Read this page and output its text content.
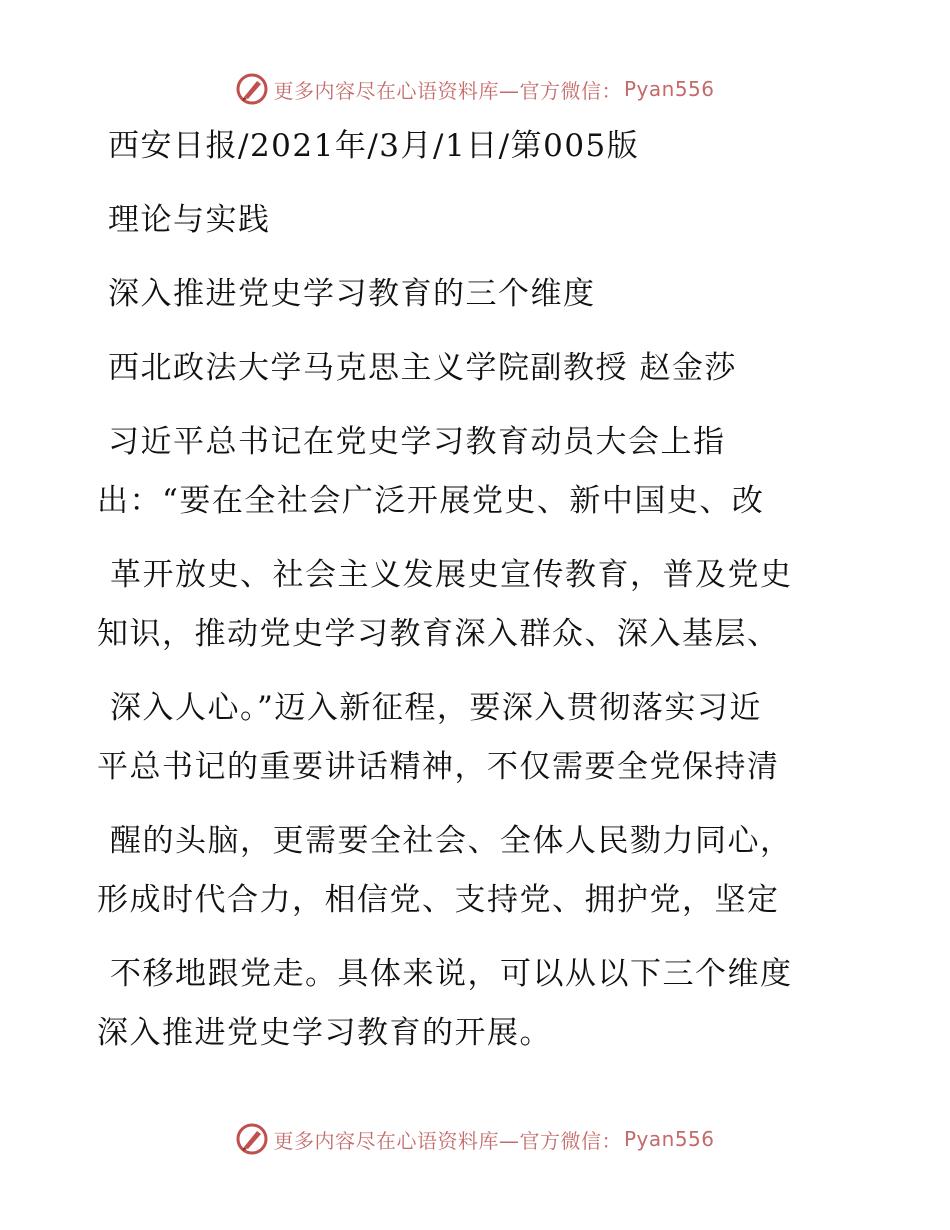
更多内容尽在心语资料库—官方微信： Pyan556
西安日报/2021年/3月/1日/第005版
理论与实践
深入推进党史学习教育的三个维度
西北政法大学马克思主义学院副教授 赵金莎
习近平总书记在党史学习教育动员大会上指
出：“要在全社会广泛开展党史、新中国史、改
革开放史、社会主义发展史宣传教育，普及党史
知识，推动党史学习教育深入群众、深入基层、
深入人心。”迈入新征程，要深入贯彻落实习近
平总书记的重要讲话精神，不仅需要全党保持清
醒的头脑，更需要全社会、全体人民勠力同心，
形成时代合力，相信党、支持党、拥护党，坚定
不移地跟党走。具体来说，可以从以下三个维度
深入推进党史学习教育的开展。
更多内容尽在心语资料库—官方微信： Pyan556
